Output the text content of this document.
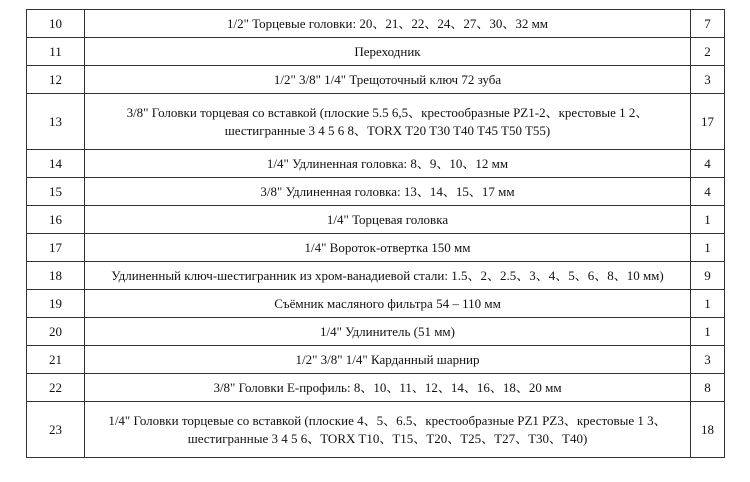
10	1/2" Торцевые головки: 20、21、22、24、27、30、32 мм	7
11	Переходник	2
12	1/2" 3/8" 1/4" Трещоточный ключ 72 зуба	3
13	3/8" Головки торцевая со вставкой (плоские 5.5 6,5、крестообразные PZ1-2、крестовые 1 2、
шестигранные 3 4 5 6 8、TORX T20 T30 T40 T45 T50 T55)	17
14	1/4" Удлиненная головка: 8、9、10、12 мм	4
15	3/8" Удлиненная головка: 13、14、15、17 мм	4
16	1/4" Торцевая головка	1
17	1/4" Вороток-отвертка 150 мм	1
18	Удлиненный ключ-шестигранник из хром-ванадиевой стали: 1.5、2、2.5、3、4、5、6、8、10 мм)	9
19	Съёмник масляного фильтра 54 – 110 мм	1
20	1/4" Удлинитель (51 мм)	1
21	1/2" 3/8" 1/4" Карданный шарнир	3
22	3/8" Головки E-профиль: 8、10、11、12、14、16、18、20 мм	8
23	1/4" Головки торцевые со вставкой (плоские 4、5、6.5、крестообразные PZ1 PZ3、крестовые 1 3、
шестигранные 3 4 5 6、TORX T10、T15、T20、T25、T27、T30、T40)	18
